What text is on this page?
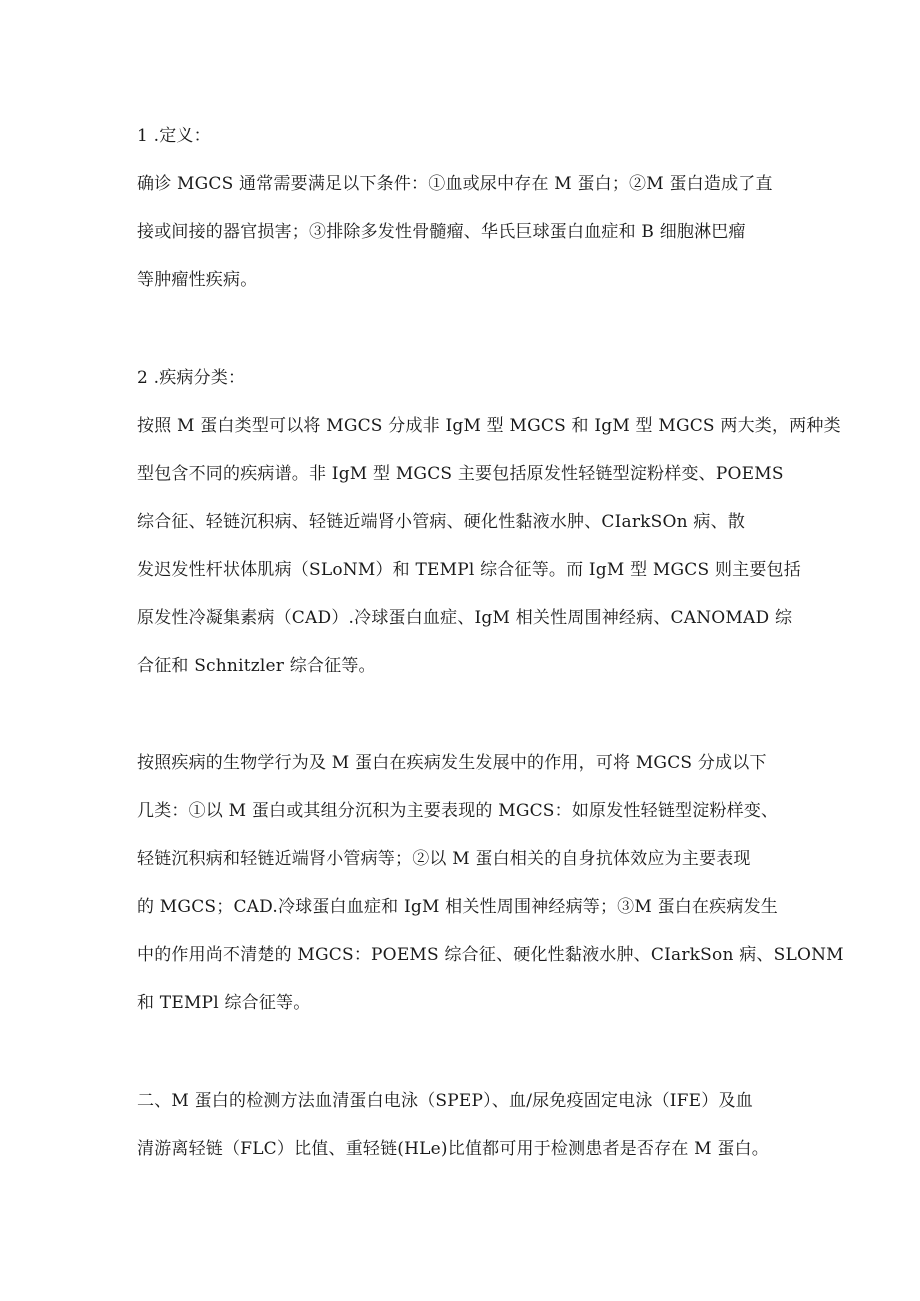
1 .定义：
确诊 MGCS 通常需要满足以下条件：①血或尿中存在 M 蛋白；②M 蛋白造成了直
接或间接的器官损害；③排除多发性骨髓瘤、华氏巨球蛋白血症和 B 细胞淋巴瘤
等肿瘤性疾病。
2 .疾病分类：
按照 M 蛋白类型可以将 MGCS 分成非 IgM 型 MGCS 和 IgM 型 MGCS 两大类，两种类
型包含不同的疾病谱。非 IgM 型 MGCS 主要包括原发性轻链型淀粉样变、POEMS
综合征、轻链沉积病、轻链近端肾小管病、硬化性黏液水肿、CIarkSOn 病、散
发迟发性杆状体肌病（SLoNM）和 TEMPl 综合征等。而 IgM 型 MGCS 则主要包括
原发性冷凝集素病（CAD）.冷球蛋白血症、IgM 相关性周围神经病、CANOMAD 综
合征和 Schnitzler 综合征等。
按照疾病的生物学行为及 M 蛋白在疾病发生发展中的作用，可将 MGCS 分成以下
几类：①以 M 蛋白或其组分沉积为主要表现的 MGCS：如原发性轻链型淀粉样变、
轻链沉积病和轻链近端肾小管病等；②以 M 蛋白相关的自身抗体效应为主要表现
的 MGCS；CAD.冷球蛋白血症和 IgM 相关性周围神经病等；③M 蛋白在疾病发生
中的作用尚不清楚的 MGCS：POEMS 综合征、硬化性黏液水肿、CIarkSon 病、SLONM
和 TEMPl 综合征等。
二、M 蛋白的检测方法血清蛋白电泳（SPEP）、血/尿免疫固定电泳（IFE）及血
清游离轻链（FLC）比值、重轻链(HLe)比值都可用于检测患者是否存在 M 蛋白。
